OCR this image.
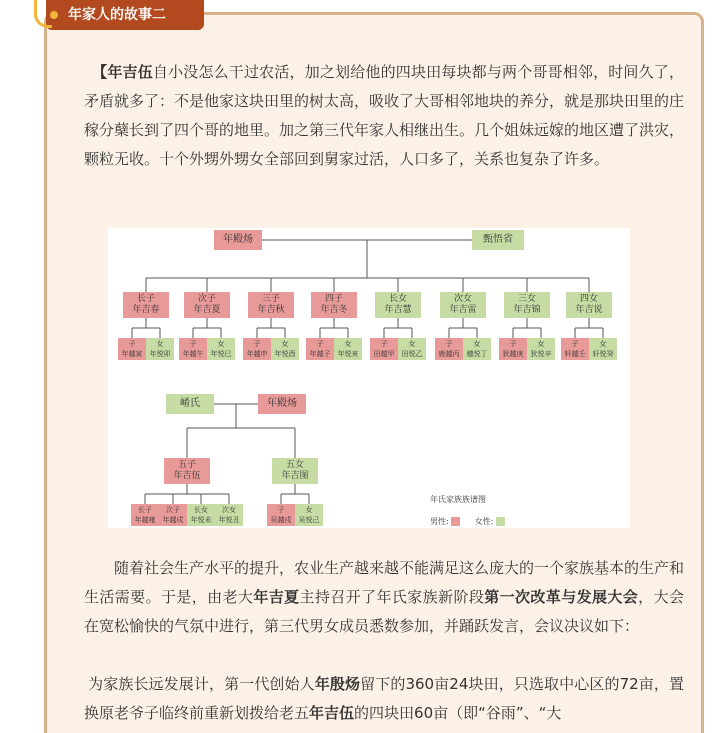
年家人的故事二

【年吉伍自小没怎么干过农活，加之划给他的四块田每块都与两个哥哥相邻，时间久了，矛盾就多了：不是他家这块田里的树太高，吸收了大哥相邻地块的养分，就是那块田里的庄稼分蘖长到了四个哥的地里。加之第三代年家人相继出生。几个姐妹远嫁的地区遭了洪灾，颗粒无收。十个外甥外甥女全部回到舅家过活，人口多了，关系也复杂了许多。

年殿炀	甄悟省
长子
年吉春
子
年越寅
女
年悦卯
次子
年吉夏
子
年越午
女
年悦巳
三子
年吉秋
子
年越申
女
年悦酉
四子
年吉冬
子
年越子
女
年悦亥
长女
年吉慧
子
田越甲
女
田悦乙
次女
年吉雷
子
鹿越丙
女
穗悦丁
三女
年吉锦
子
狄越庚
女
狄悦辛
四女
年吉说
子
轩越壬
女
轩悦癸
崤氏	年殿炀
五子
年吉伍
长子
年越雍
次子
年越戍
长女
年悦未
次女
年悦丑
五女
年吉图
子
吴越戍
女
吴悦己
年氏家族族谱图
男性:	女性:

随着社会生产水平的提升，农业生产越来越不能满足这么庞大的一个家族基本的生产和生活需要。于是，由老大年吉夏主持召开了年氏家族新阶段第一次改革与发展大会，大会在宽松愉快的气氛中进行，第三代男女成员悉数参加，并踊跃发言，会议决议如下：

为家族长远发展计，第一代创始人年殷炀留下的360亩24块田，只选取中心区的72亩，置换原老爷子临终前重新划拨给老五年吉伍的四块田60亩（即“谷雨”、“大
